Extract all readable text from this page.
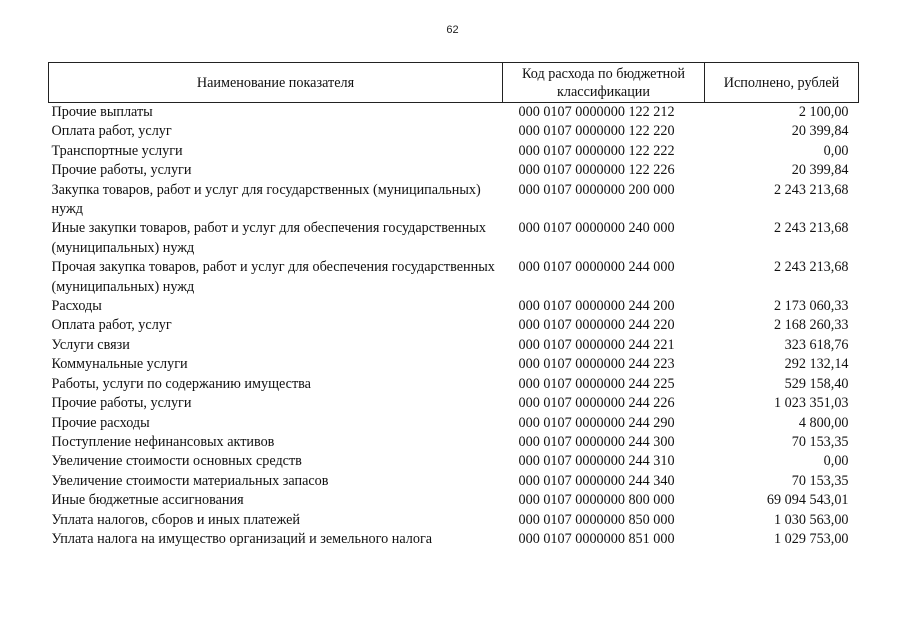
62
Наименование показателя	Код расхода по бюджетной классификации	Исполнено, рублей
Прочие выплаты	000 0107 0000000 122 212	2 100,00
Оплата работ, услуг	000 0107 0000000 122 220	20 399,84
Транспортные услуги	000 0107 0000000 122 222	0,00
Прочие работы, услуги	000 0107 0000000 122 226	20 399,84
Закупка товаров, работ и услуг для государственных (муниципальных) нужд	000 0107 0000000 200 000	2 243 213,68
Иные закупки товаров, работ и услуг для обеспечения государственных (муниципальных) нужд	000 0107 0000000 240 000	2 243 213,68
Прочая закупка товаров, работ и услуг для обеспечения государственных (муниципальных) нужд	000 0107 0000000 244 000	2 243 213,68
Расходы	000 0107 0000000 244 200	2 173 060,33
Оплата работ, услуг	000 0107 0000000 244 220	2 168 260,33
Услуги связи	000 0107 0000000 244 221	323 618,76
Коммунальные услуги	000 0107 0000000 244 223	292 132,14
Работы, услуги по содержанию имущества	000 0107 0000000 244 225	529 158,40
Прочие работы, услуги	000 0107 0000000 244 226	1 023 351,03
Прочие расходы	000 0107 0000000 244 290	4 800,00
Поступление нефинансовых активов	000 0107 0000000 244 300	70 153,35
Увеличение стоимости основных средств	000 0107 0000000 244 310	0,00
Увеличение стоимости материальных запасов	000 0107 0000000 244 340	70 153,35
Иные бюджетные ассигнования	000 0107 0000000 800 000	69 094 543,01
Уплата налогов, сборов и иных платежей	000 0107 0000000 850 000	1 030 563,00
Уплата налога на имущество организаций и земельного налога	000 0107 0000000 851 000	1 029 753,00
